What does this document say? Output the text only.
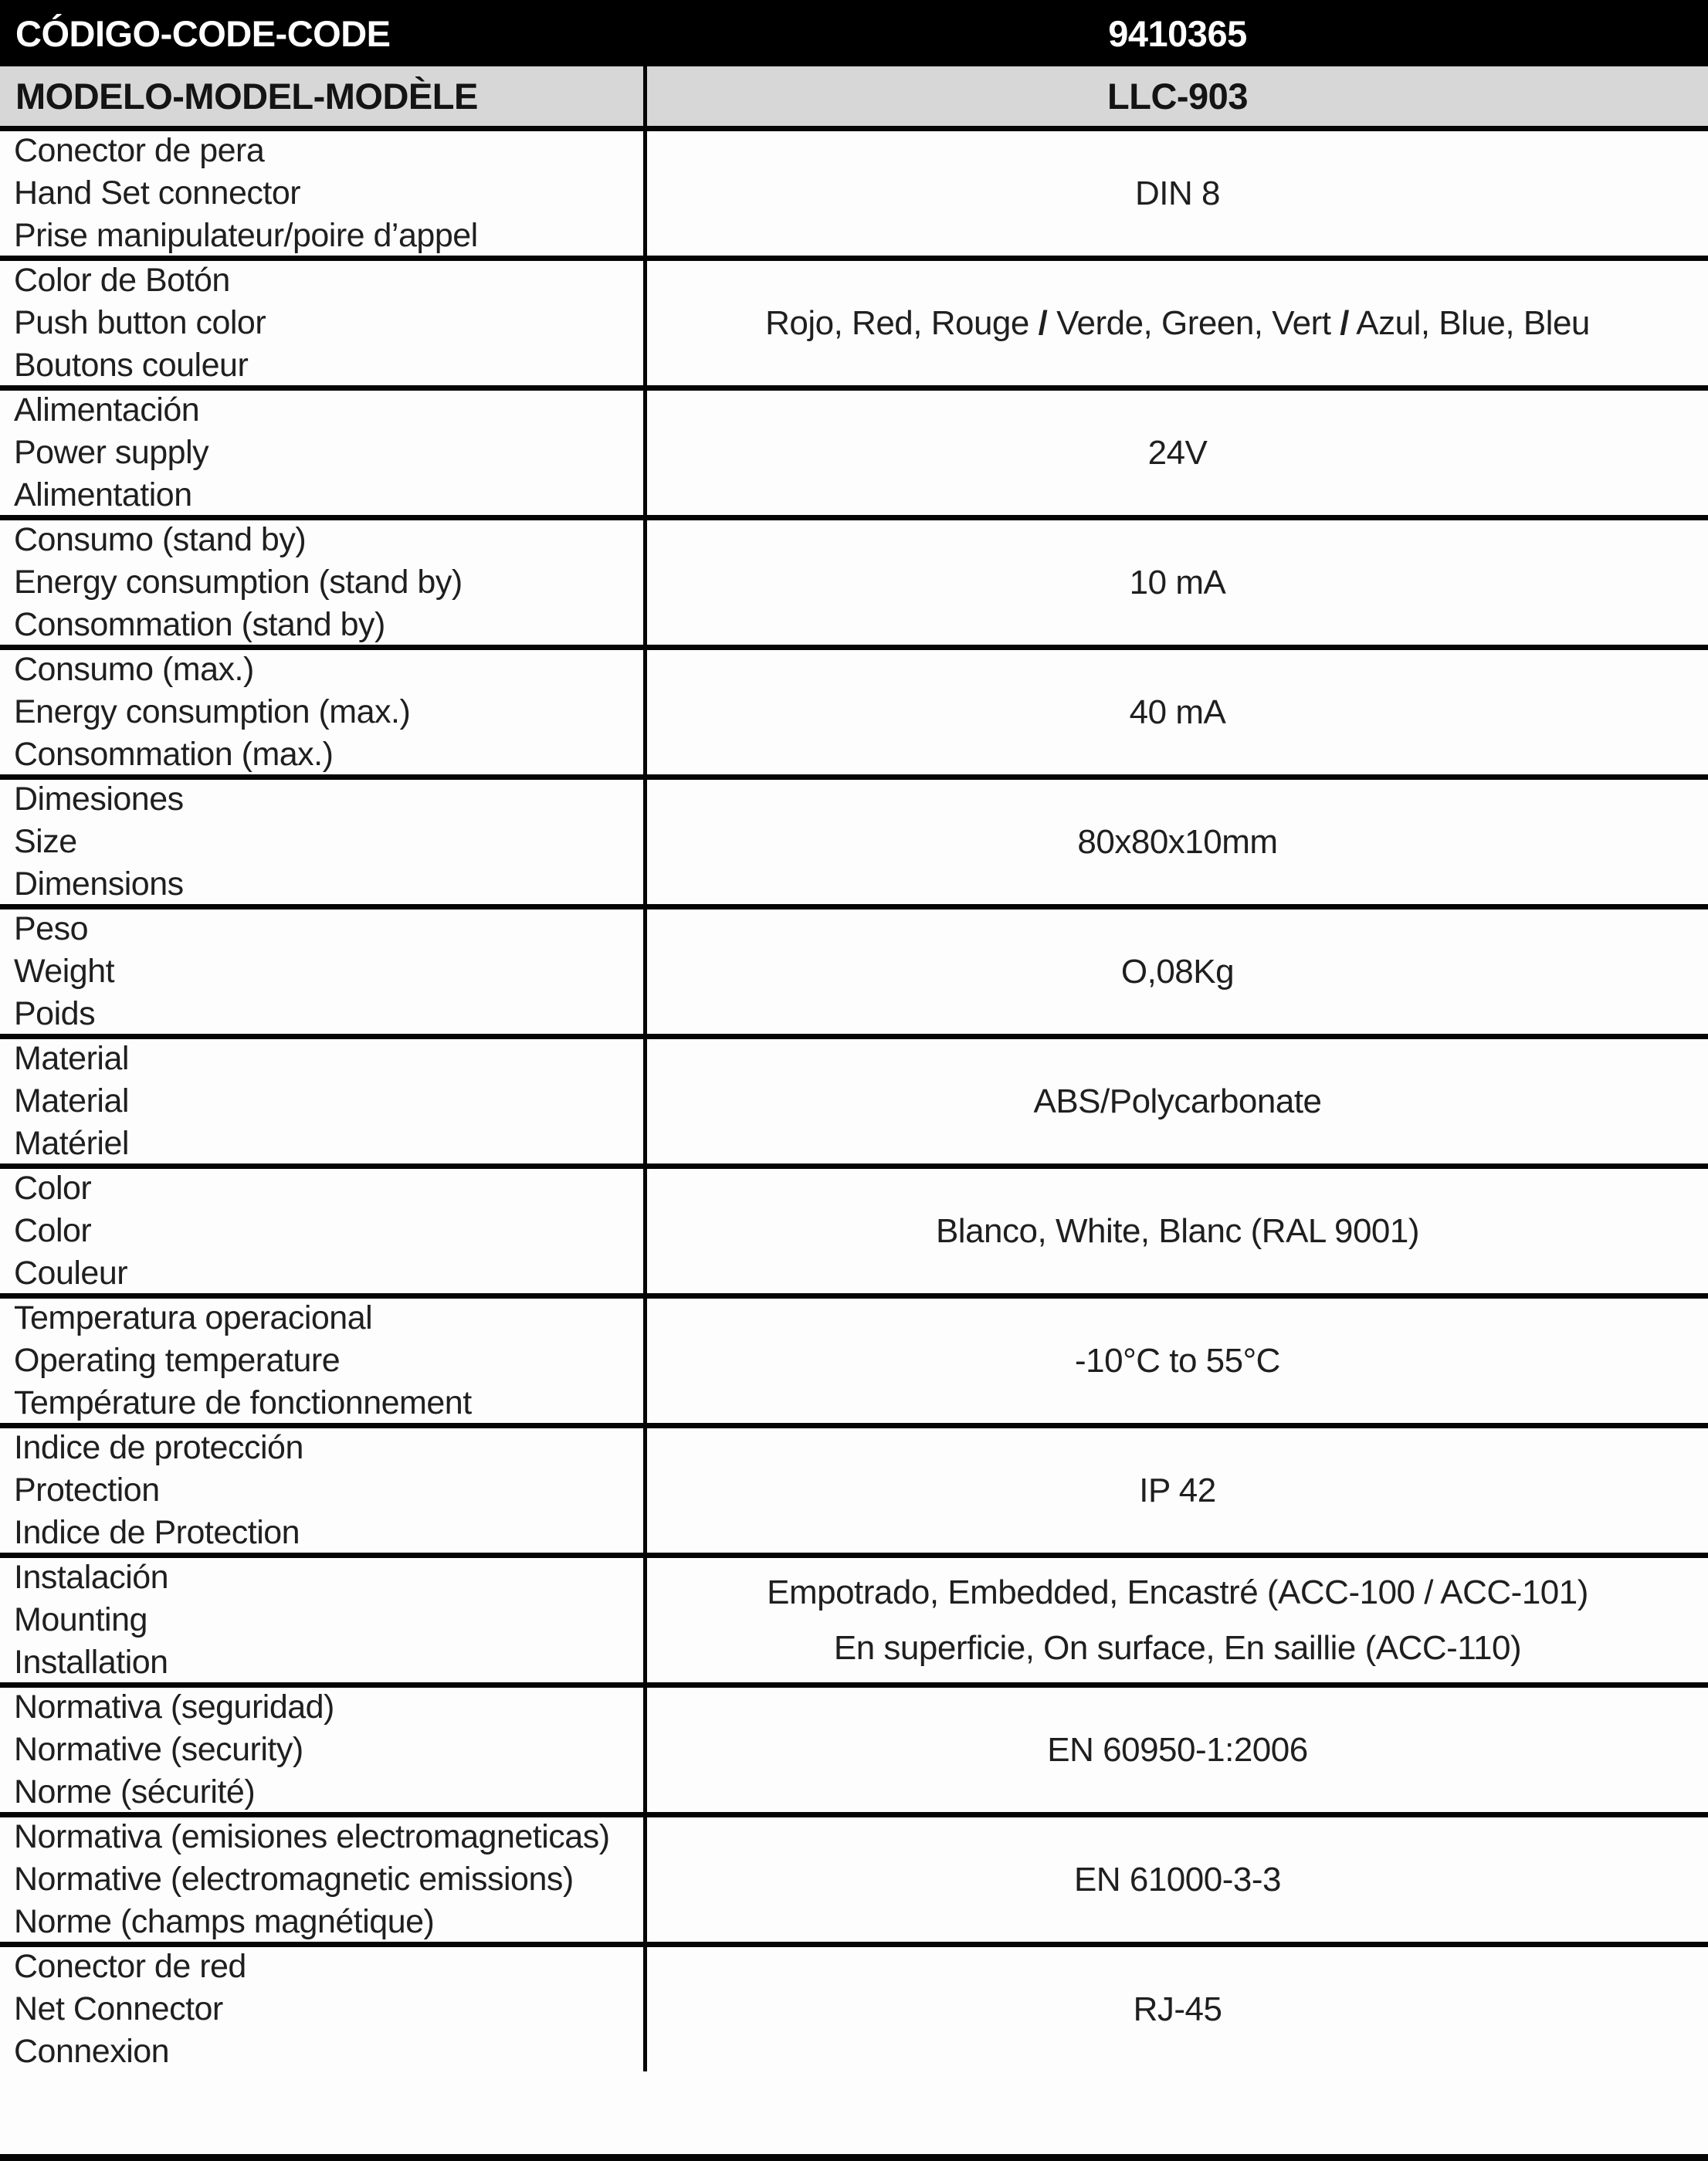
CÓDIGO-CODE-CODE	9410365
MODELO-MODEL-MODÈLE	LLC-903
Conector de pera
Hand Set connector
Prise manipulateur/poire d’appel
DIN 8
Color de Botón
Push button color
Boutons couleur
Rojo, Red, Rouge / Verde, Green, Vert / Azul, Blue, Bleu
Alimentación
Power supply
Alimentation
24V
Consumo (stand by)
Energy consumption (stand by)
Consommation (stand by)
10 mA
Consumo (max.)
Energy consumption (max.)
Consommation (max.)
40 mA
Dimesiones
Size
Dimensions
80x80x10mm
Peso
Weight
Poids
O,08Kg
Material
Material
Matériel
ABS/Polycarbonate
Color
Color
Couleur
Blanco, White, Blanc (RAL 9001)
Temperatura operacional
Operating temperature
Température de fonctionnement
-10°C to 55°C
Indice de protección
Protection
Indice de Protection
IP 42
Instalación
Mounting
Installation
Empotrado, Embedded, Encastré (ACC-100 / ACC-101)
En superficie, On surface, En saillie (ACC-110)
Normativa (seguridad)
Normative (security)
Norme (sécurité)
EN 60950-1:2006
Normativa (emisiones electromagneticas)
Normative (electromagnetic emissions)
Norme (champs magnétique)
EN 61000-3-3
Conector de red
Net Connector
Connexion
RJ-45
